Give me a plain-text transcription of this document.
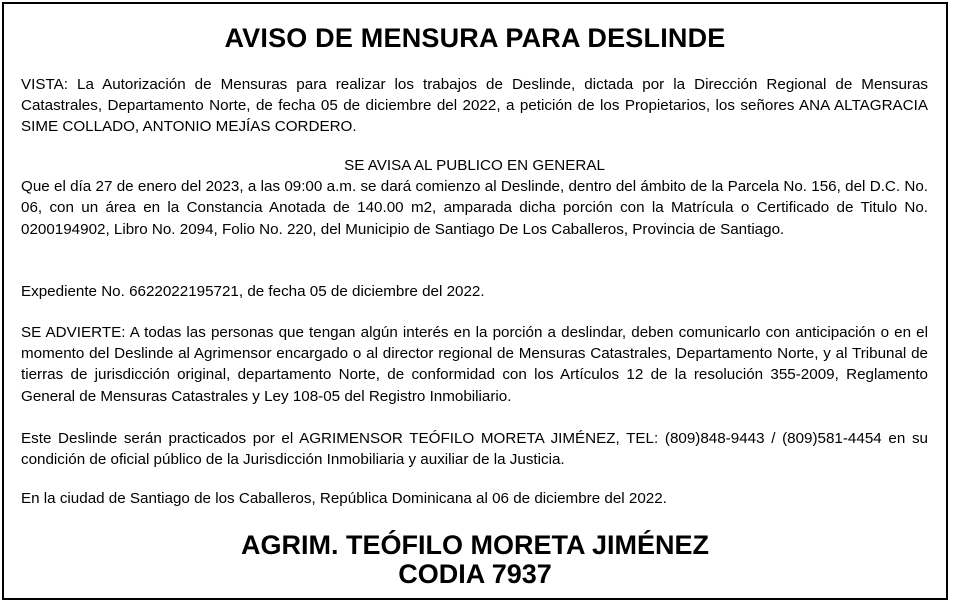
AVISO DE MENSURA PARA DESLINDE
VISTA: La Autorización de Mensuras para realizar los trabajos de Deslinde, dictada por la Dirección Regional de Mensuras Catastrales, Departamento Norte, de fecha 05 de diciembre del 2022, a petición de los Propietarios, los señores ANA ALTAGRACIA SIME COLLADO, ANTONIO MEJÍAS CORDERO.
SE AVISA AL PUBLICO EN GENERAL
Que el día 27 de enero del 2023, a las 09:00 a.m. se dará comienzo al Deslinde, dentro del ámbito de la Parcela No. 156, del D.C. No. 06, con un área en la Constancia Anotada de 140.00 m2, amparada dicha porción con la Matrícula o Certificado de Titulo No. 0200194902, Libro No. 2094, Folio No. 220, del Municipio de Santiago De Los Caballeros, Provincia de Santiago.
Expediente No. 6622022195721, de fecha 05 de diciembre del 2022.
SE ADVIERTE: A todas las personas que tengan algún interés en la porción a deslindar, deben comunicarlo con anticipación o en el momento del Deslinde al Agrimensor encargado o al director regional de Mensuras Catastrales, Departamento Norte, y al Tribunal de tierras de jurisdicción original, departamento Norte, de conformidad con los Artículos 12 de la resolución 355-2009, Reglamento General de Mensuras Catastrales y Ley 108-05 del Registro Inmobiliario.
Este Deslinde serán practicados por el AGRIMENSOR TEÓFILO MORETA JIMÉNEZ, TEL: (809)848-9443 / (809)581-4454 en su condición de oficial público de la Jurisdicción Inmobiliaria y auxiliar de la Justicia.
En la ciudad de Santiago de los Caballeros, República Dominicana al 06 de diciembre del 2022.
AGRIM. TEÓFILO MORETA JIMÉNEZ
CODIA 7937
